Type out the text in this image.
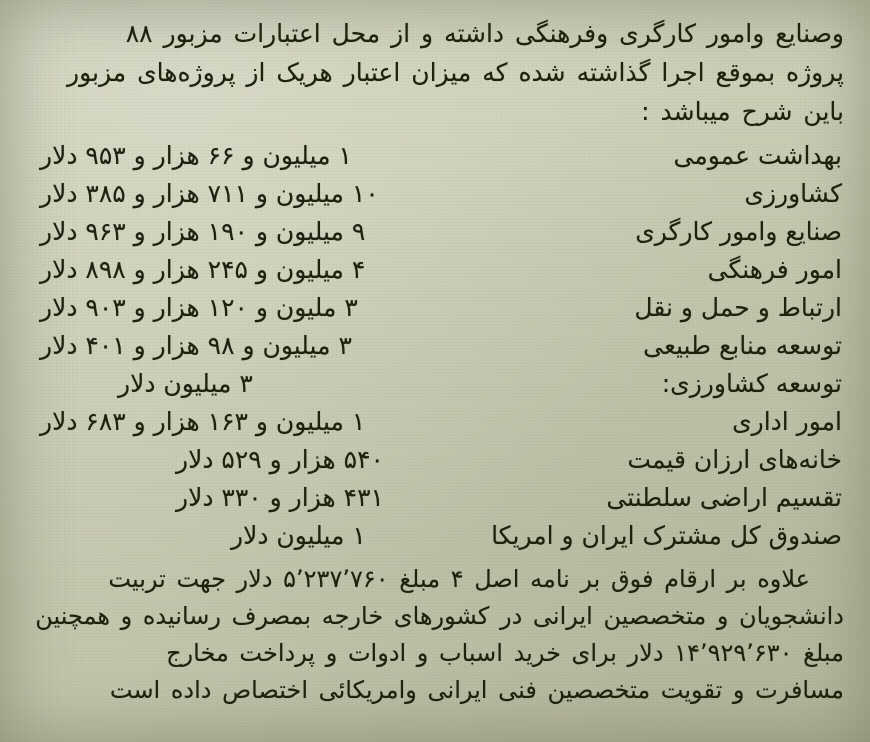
وصنایع وامور کارگری وفرهنگی داشته و از محل اعتبارات مزبور ۸۸
پروژه بموقع اجرا گذاشته شده که میزان اعتبار هریک از پروژه‌های مزبور
باین شرح میباشد :
بهداشت عمومی
۱ میلیون و ۶۶ هزار و ۹۵۳ دلار
کشاورزی
۱۰ میلیون و ۷۱۱ هزار و ۳۸۵ دلار
صنایع وامور کارگری
۹ میلیون و ۱۹۰ هزار و ۹۶۳ دلار
امور فرهنگی
۴ میلیون و ۲۴۵ هزار و ۸۹۸ دلار
ارتباط و حمل و نقل
۳ ملیون و ۱۲۰ هزار و ۹۰۳ دلار
توسعه منابع طبیعی
۳ میلیون و ۹۸ هزار و ۴۰۱ دلار
توسعه کشاورزی:
۳ میلیون دلار
امور اداری
۱ میلیون و ۱۶۳ هزار و ۶۸۳ دلار
خانه‌های ارزان قیمت
۵۴۰ هزار و ۵۲۹ دلار
تقسیم اراضی سلطنتی
۴۳۱ هزار و ۳۳۰ دلار
صندوق کل مشترک ایران و امریکا
۱ میلیون دلار
علاوه بر ارقام فوق بر نامه اصل ۴ مبلغ ۵٬۲۳۷٬۷۶۰ دلار جهت تربیت
دانشجویان و متخصصین ایرانی در کشورهای خارجه بمصرف رسانیده و همچنین
مبلغ ۱۴٬۹۲۹٬۶۳۰ دلار برای خرید اسباب و ادوات و پرداخت مخارج
مسافرت و تقویت متخصصین فنی ایرانی وامریکائی اختصاص داده است
